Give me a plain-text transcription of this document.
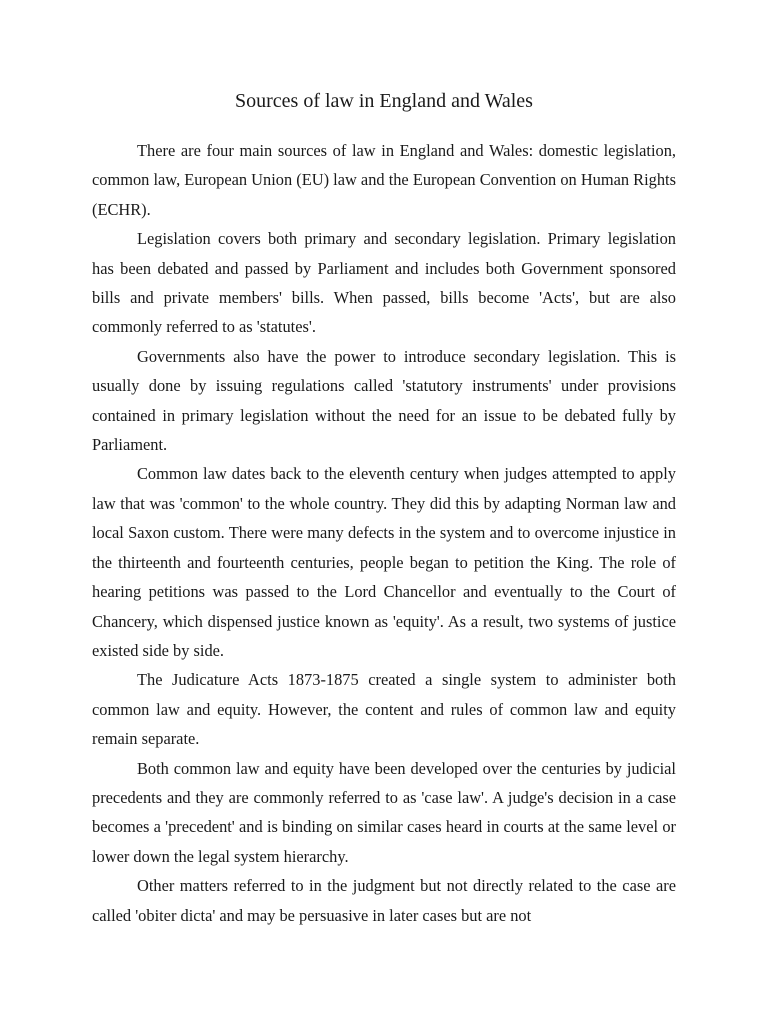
Sources of law in England and Wales

There are four main sources of law in England and Wales: domestic legislation, common law, European Union (EU) law and the European Convention on Human Rights (ECHR).

Legislation covers both primary and secondary legislation. Primary legislation has been debated and passed by Parliament and includes both Government sponsored bills and private members' bills. When passed, bills become 'Acts', but are also commonly referred to as 'statutes'.

Governments also have the power to introduce secondary legislation. This is usually done by issuing regulations called 'statutory instruments' under provisions contained in primary legislation without the need for an issue to be debated fully by Parliament.

Common law dates back to the eleventh century when judges attempted to apply law that was 'common' to the whole country. They did this by adapting Norman law and local Saxon custom. There were many defects in the system and to overcome injustice in the thirteenth and fourteenth centuries, people began to petition the King. The role of hearing petitions was passed to the Lord Chancellor and eventually to the Court of Chancery, which dispensed justice known as 'equity'. As a result, two systems of justice existed side by side.

The Judicature Acts 1873-1875 created a single system to administer both common law and equity. However, the content and rules of common law and equity remain separate.

Both common law and equity have been developed over the centuries by judicial precedents and they are commonly referred to as 'case law'. A judge's decision in a case becomes a 'precedent' and is binding on similar cases heard in courts at the same level or lower down the legal system hierarchy.

Other matters referred to in the judgment but not directly related to the case are called 'obiter dicta' and may be persuasive in later cases but are not
